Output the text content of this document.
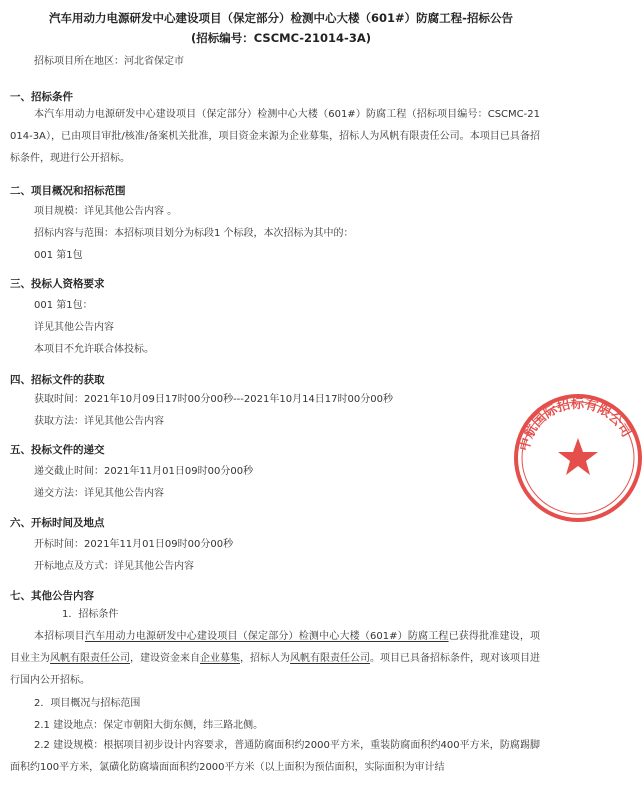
汽车用动力电源研发中心建设项目（保定部分）检测中心大楼（601#）防腐工程-招标公告
(招标编号：CSCMC-21014-3A)
招标项目所在地区：河北省保定市
一、招标条件
本汽车用动力电源研发中心建设项目（保定部分）检测中心大楼（601#）防腐工程（招标项目编号：CSCMC-21014-3A），已由项目审批/核准/备案机关批准，项目资金来源为企业募集，招标人为风帆有限责任公司。本项目已具备招标条件，现进行公开招标。
二、项目概况和招标范围
项目规模：详见其他公告内容 。
招标内容与范围：本招标项目划分为标段1 个标段，本次招标为其中的：
001 第1包
三、投标人资格要求
001 第1包：
详见其他公告内容
本项目不允许联合体投标。
四、招标文件的获取
获取时间：2021年10月09日17时00分00秒---2021年10月14日17时00分00秒
获取方法：详见其他公告内容
五、投标文件的递交
递交截止时间：2021年11月01日09时00分00秒
递交方法：详见其他公告内容
六、开标时间及地点
开标时间：2021年11月01日09时00分00秒
开标地点及方式：详见其他公告内容
七、其他公告内容
1．招标条件
本招标项目汽车用动力电源研发中心建设项目（保定部分）检测中心大楼（601#）防腐工程已获得批准建设，项目业主为风帆有限责任公司，建设资金来自企业募集，招标人为风帆有限责任公司。项目已具备招标条件，现对该项目进行国内公开招标。
2．项目概况与招标范围
2.1 建设地点：保定市朝阳大街东侧，纬三路北侧。
2.2 建设规模：根据项目初步设计内容要求，普通防腐面积约2000平方米，重装防腐面积约400平方米，防腐踢脚面积约100平方米，氯磺化防腐墙面面积约2000平方米（以上面积为预估面积，实际面积为审计结
中航国际招标有限公司
